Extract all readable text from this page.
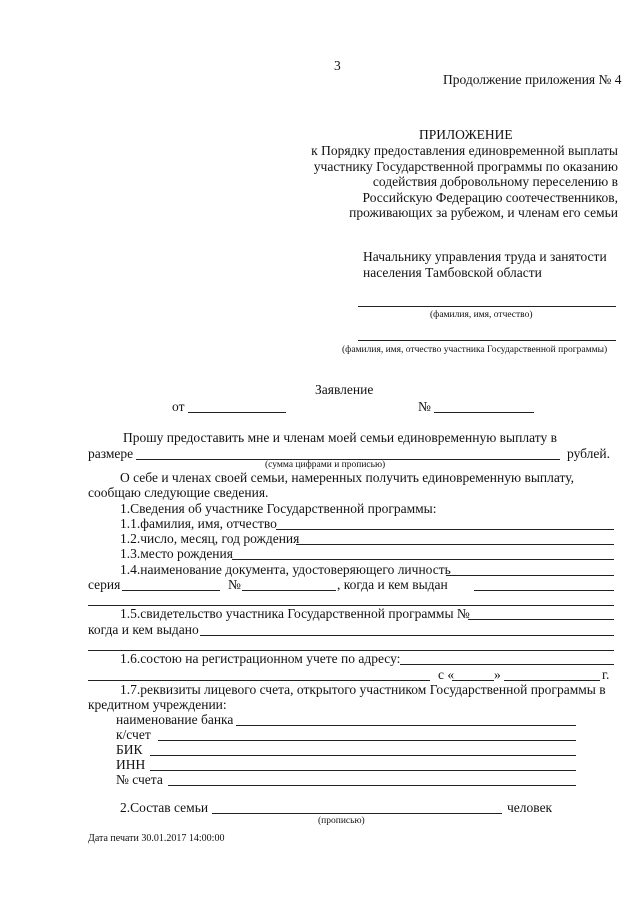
3
Продолжение приложения № 4
ПРИЛОЖЕНИЕ
к Порядку предоставления единовременной выплаты
участнику Государственной программы по оказанию
содействия добровольному переселению в
Российскую Федерацию соотечественников,
проживающих за рубежом, и членам его семьи
Начальнику управления труда и занятости
населения Тамбовской области
(фамилия, имя, отчество)
(фамилия, имя, отчество участника Государственной программы)
Заявление
от	№
Прошу предоставить мне и членам моей семьи единовременную выплату в
размере	рублей.
(сумма цифрами и прописью)
О себе и членах своей семьи, намеренных получить единовременную выплату,
сообщаю следующие сведения.
1.Сведения об участнике Государственной программы:
1.1.фамилия, имя, отчество
1.2.число, месяц, год рождения
1.3.место рождения
1.4.наименование документа, удостоверяющего личность
серия	№	, когда и кем выдан
1.5.свидетельство участника Государственной программы №
когда и кем выдано
1.6.состою на регистрационном учете по адресу:
с «	»	г.
1.7.реквизиты лицевого счета, открытого участником Государственной программы в
кредитном учреждении:
наименование банка
к/счет
БИК
ИНН
№ счета
2.Состав семьи	человек
(прописью)
Дата печати 30.01.2017 14:00:00
